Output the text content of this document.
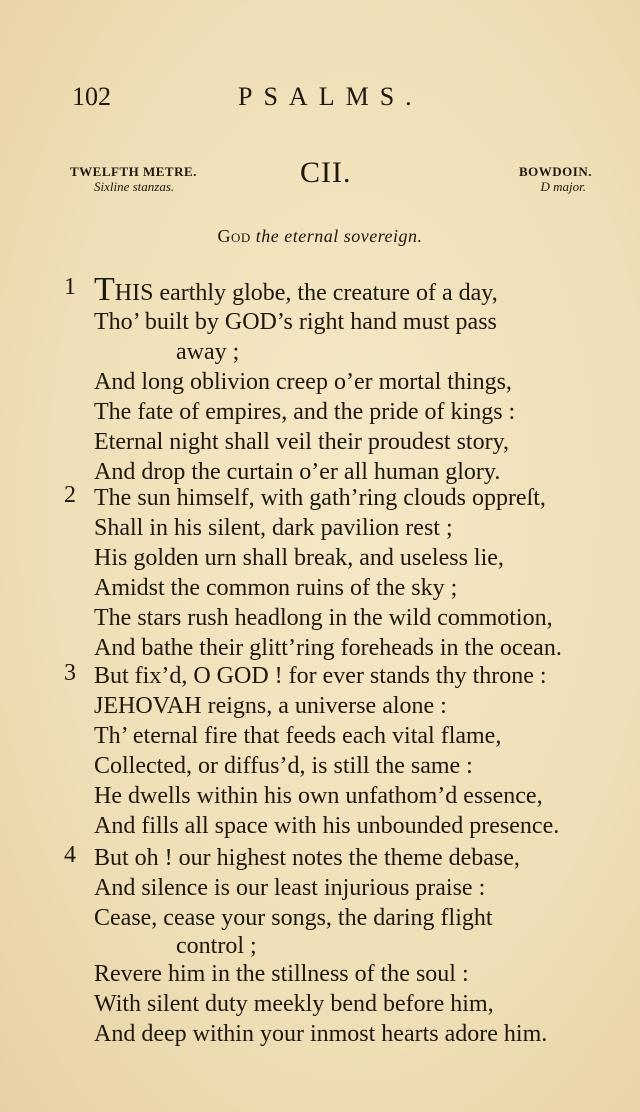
102	PSALMS.
TWELFTH METRE.
Sixline stanzas.	CII.	BOWDOIN.
D major.
God the eternal sovereign.
1 THIS earthly globe, the creature of a day,
Tho’ built by GOD’s right hand must pass
away ;
And long oblivion creep o’er mortal things,
The fate of empires, and the pride of kings :
Eternal night shall veil their proudest story,
And drop the curtain o’er all human glory.
2 The sun himself, with gath’ring clouds oppreſt,
Shall in his silent, dark pavilion rest ;
His golden urn shall break, and useless lie,
Amidst the common ruins of the sky ;
The stars rush headlong in the wild commotion,
And bathe their glitt’ring foreheads in the ocean.
3 But fix’d, O GOD ! for ever stands thy throne :
JEHOVAH reigns, a universe alone :
Th’ eternal fire that feeds each vital flame,
Collected, or diffus’d, is still the same :
He dwells within his own unfathom’d essence,
And fills all space with his unbounded presence.
4 But oh ! our highest notes the theme debase,
And silence is our least injurious praise :
Cease, cease your songs, the daring flight
control ;
Revere him in the stillness of the soul :
With silent duty meekly bend before him,
And deep within your inmost hearts adore him.
